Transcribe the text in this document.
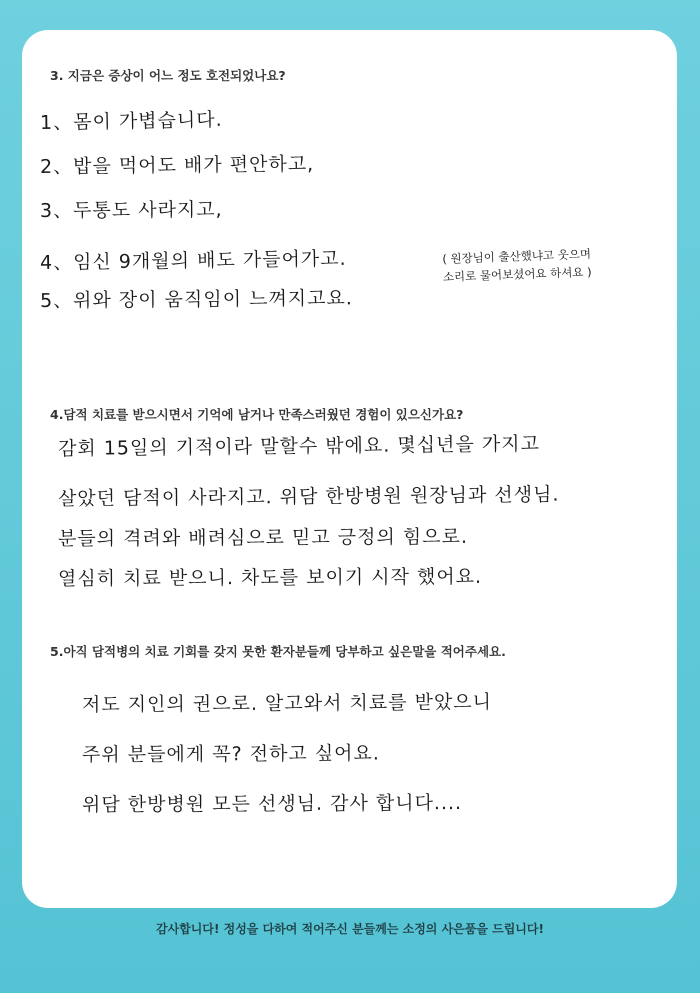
3. 지금은 증상이 어느 정도 호전되었나요?
1、몸이 가볍습니다.
2、밥을 먹어도 배가 편안하고,
3、두통도 사라지고,
4、임신 9개월의 배도 가들어가고.	( 원장님이 출산했냐고 웃으며
소리로 물어보셨어요 하셔요 )
5、위와 장이 움직임이 느껴지고요.
4.담적 치료를 받으시면서 기억에 남거나 만족스러웠던 경험이 있으신가요?
감회 15일의 기적이라 말할수 밖에요. 몇십년을 가지고
살았던 담적이 사라지고. 위담 한방병원 원장님과 선생님.
분들의 격려와 배려심으로 믿고 긍정의 힘으로.
열심히 치료 받으니. 차도를 보이기 시작 했어요.
5.아직 담적병의 치료 기회를 갖지 못한 환자분들께 당부하고 싶은말을 적어주세요.
저도 지인의 권으로. 알고와서 치료를 받았으니
주위 분들에게 꼭? 전하고 싶어요.
위담 한방병원 모든 선생님. 감사 합니다....
감사합니다! 정성을 다하여 적어주신 분들께는 소정의 사은품을 드립니다!
